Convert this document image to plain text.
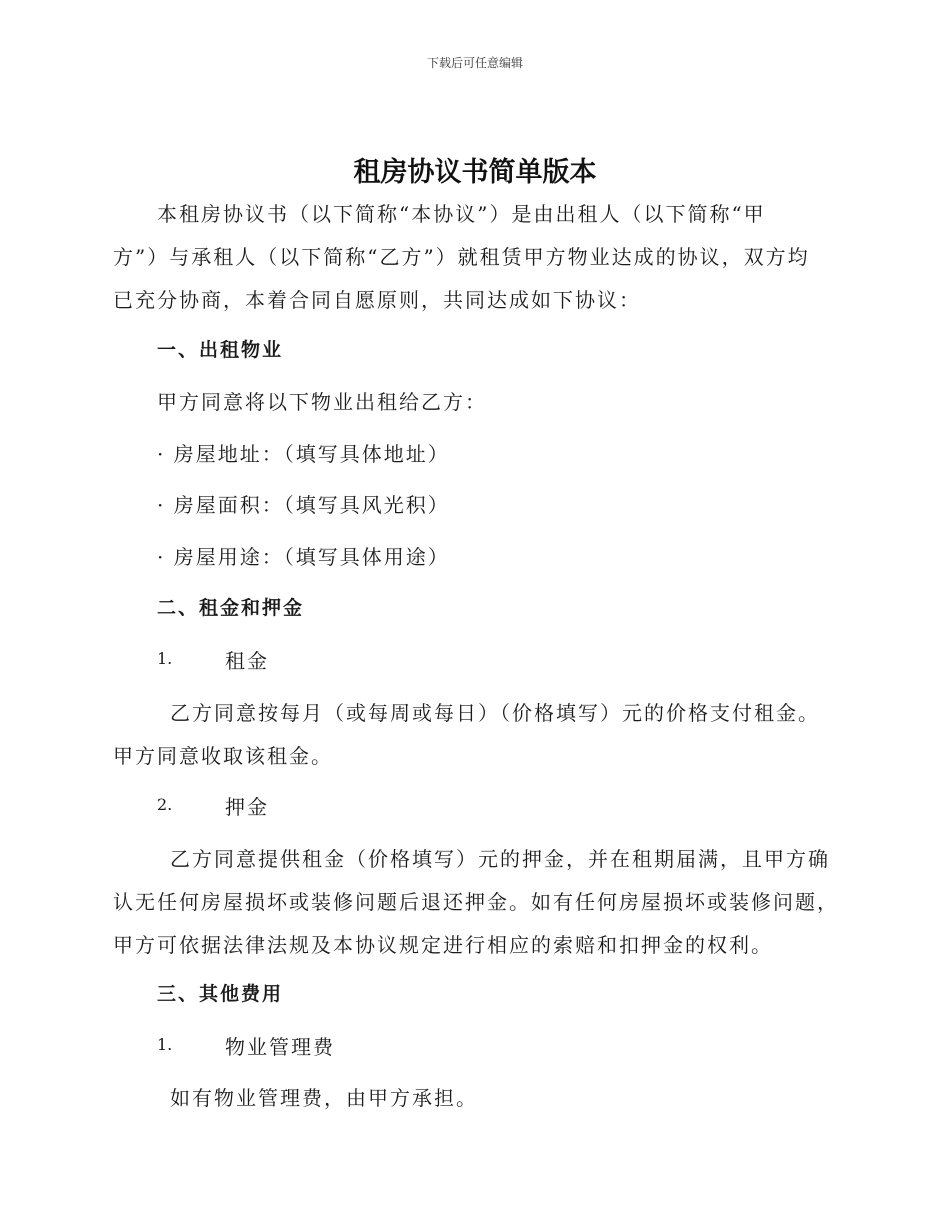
下载后可任意编辑
租房协议书简单版本
本租房协议书（以下简称“本协议”）是由出租人（以下简称“甲
方”）与承租人（以下简称“乙方”）就租赁甲方物业达成的协议，双方均
已充分协商，本着合同自愿原则，共同达成如下协议：
一、出租物业
甲方同意将以下物业出租给乙方：
· 房屋地址：（填写具体地址）
· 房屋面积：（填写具风光积）
· 房屋用途：（填写具体用途）
二、租金和押金
1.	租金
乙方同意按每月（或每周或每日）（价格填写）元的价格支付租金。
甲方同意收取该租金。
2.	押金
乙方同意提供租金（价格填写）元的押金，并在租期届满，且甲方确
认无任何房屋损坏或装修问题后退还押金。如有任何房屋损坏或装修问题，
甲方可依据法律法规及本协议规定进行相应的索赔和扣押金的权利。
三、其他费用
1.	物业管理费
如有物业管理费，由甲方承担。
